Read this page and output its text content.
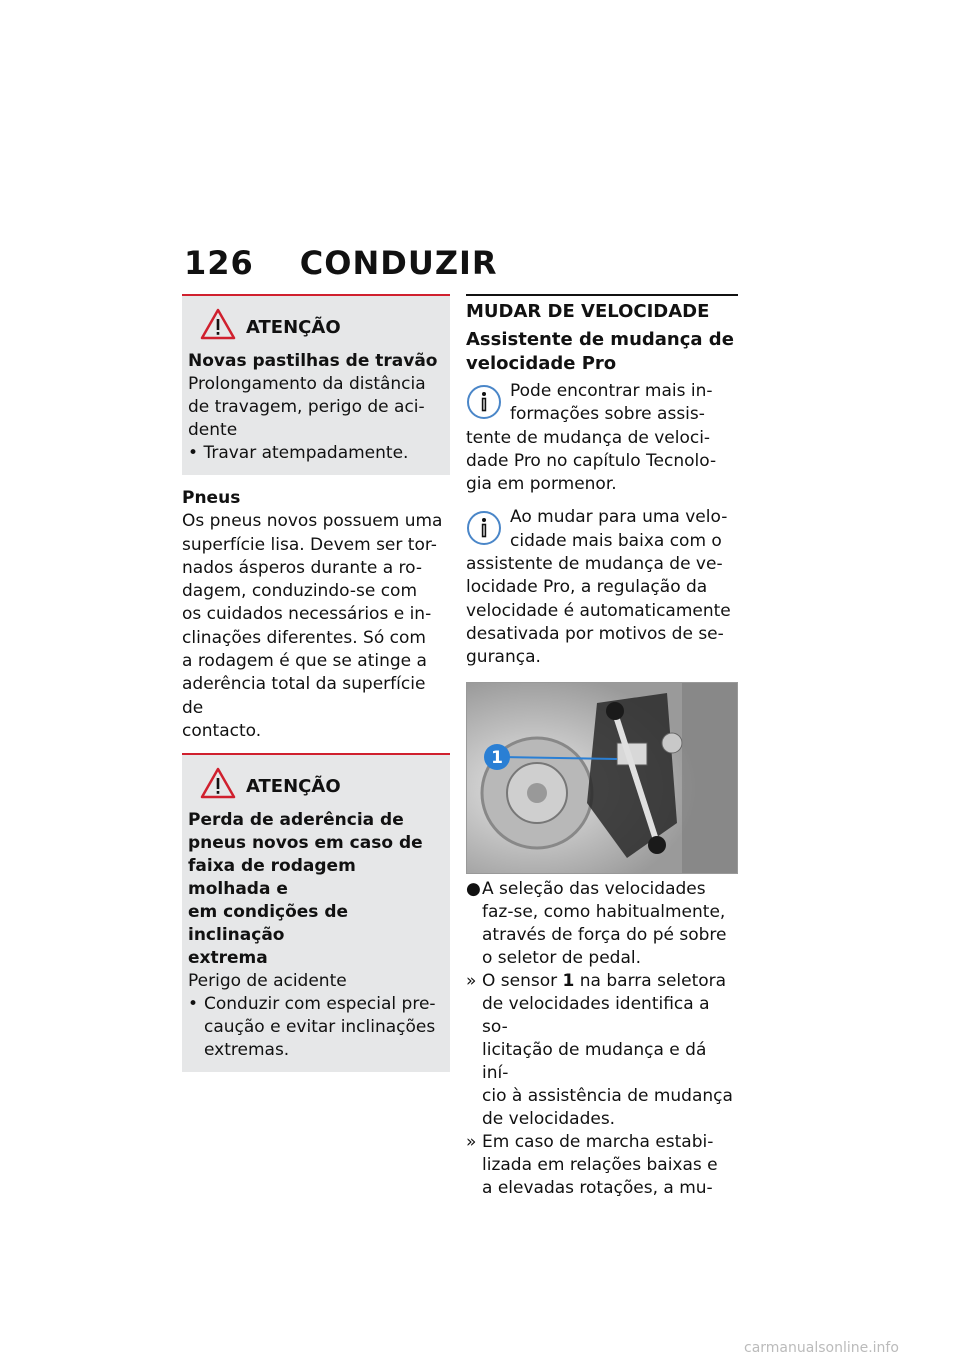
126 CONDUZIR
ATENÇÃO
Novas pastilhas de travão
Prolongamento da distância
de travagem, perigo de aci-
dente
• Travar atempadamente.
Pneus
Os pneus novos possuem uma
superfície lisa. Devem ser tor-
nados ásperos durante a ro-
dagem, conduzindo-se com
os cuidados necessários e in-
clinações diferentes. Só com
a rodagem é que se atinge a
aderência total da superfície de
contacto.
ATENÇÃO
Perda de aderência de
pneus novos em caso de
faixa de rodagem molhada e
em condições de inclinação
extrema
Perigo de acidente
• Conduzir com especial pre-
caução e evitar inclinações
extremas.
MUDAR DE VELOCIDADE
Assistente de mudança de
velocidade Pro
Pode encontrar mais in-
formações sobre assis-
tente de mudança de veloci-
dade Pro no capítulo Tecnolo-
gia em pormenor.
Ao mudar para uma velo-
cidade mais baixa com o
assistente de mudança de ve-
locidade Pro, a regulação da
velocidade é automaticamente
desativada por motivos de se-
gurança.
1
● A seleção das velocidades
faz-se, como habitualmente,
através de força do pé sobre
o seletor de pedal.
» O sensor 1 na barra seletora
de velocidades identifica a so-
licitação de mudança e dá iní-
cio à assistência de mudança
de velocidades.
» Em caso de marcha estabi-
lizada em relações baixas e
a elevadas rotações, a mu-
carmanualsonline.info
